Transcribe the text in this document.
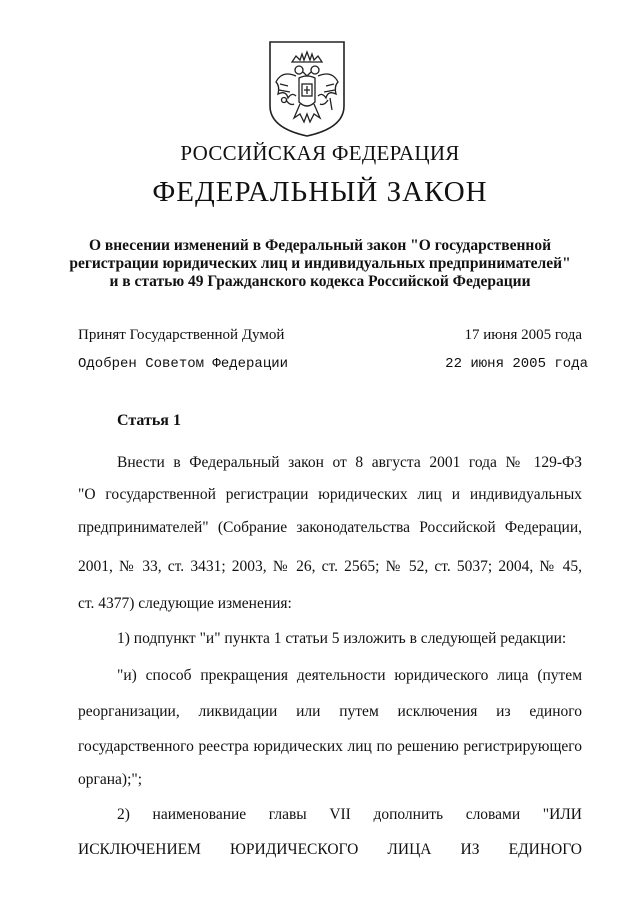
РОССИЙСКАЯ ФЕДЕРАЦИЯ
ФЕДЕРАЛЬНЫЙ ЗАКОН
О внесении изменений в Федеральный закон "О государственной
регистрации юридических лиц и индивидуальных предпринимателей"
и в статью 49 Гражданского кодекса Российской Федерации
Принят Государственной Думой	17 июня 2005 года
Одобрен Советом Федерации	22 июня 2005 года
Статья 1
Внести в Федеральный закон от 8 августа 2001 года № 129-ФЗ
"О государственной регистрации юридических лиц и индивидуальных
предпринимателей" (Собрание законодательства Российской Федерации,
2001, № 33, ст. 3431; 2003, № 26, ст. 2565; № 52, ст. 5037; 2004, № 45,
ст. 4377) следующие изменения:
1) подпункт "и" пункта 1 статьи 5 изложить в следующей редакции:
"и) способ прекращения деятельности юридического лица (путем
реорганизации, ликвидации или путем исключения из единого
государственного реестра юридических лиц по решению регистрирующего
органа);";
2) наименование главы VII дополнить словами "ИЛИ
ИСКЛЮЧЕНИЕМ ЮРИДИЧЕСКОГО ЛИЦА ИЗ ЕДИНОГО
